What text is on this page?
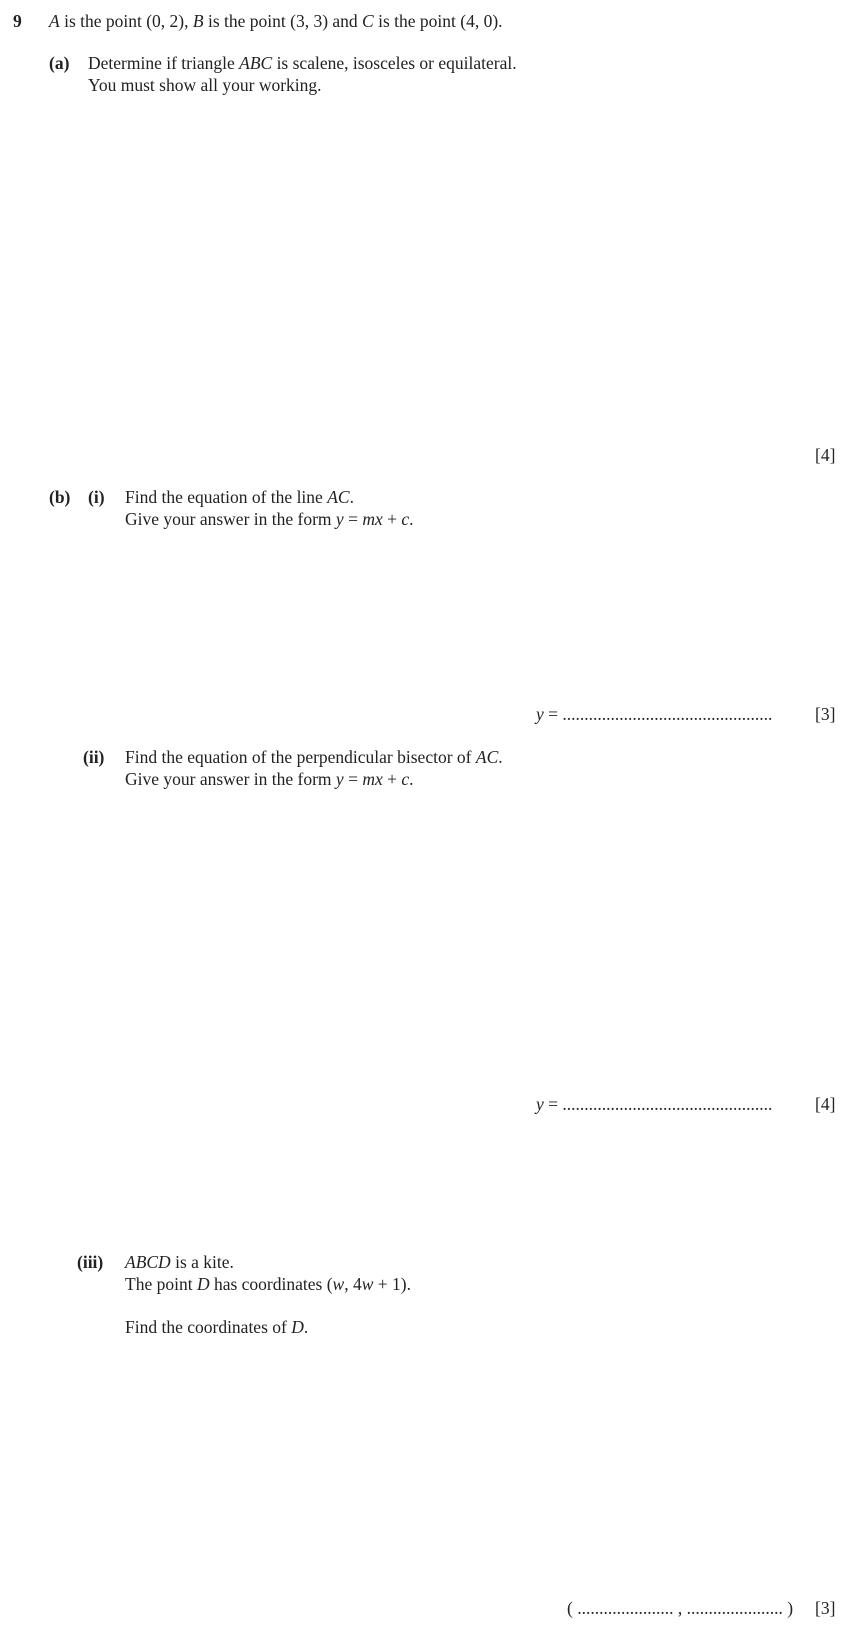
9 A is the point (0, 2), B is the point (3, 3) and C is the point (4, 0).
(a) Determine if triangle ABC is scalene, isosceles or equilateral.
You must show all your working.
[4]
(b) (i) Find the equation of the line AC.
Give your answer in the form y = mx + c.
y = ................................................ [3]
(ii) Find the equation of the perpendicular bisector of AC.
Give your answer in the form y = mx + c.
y = ................................................ [4]
(iii) ABCD is a kite.
The point D has coordinates (w, 4w + 1).
Find the coordinates of D.
( ...................... , ...................... ) [3]
